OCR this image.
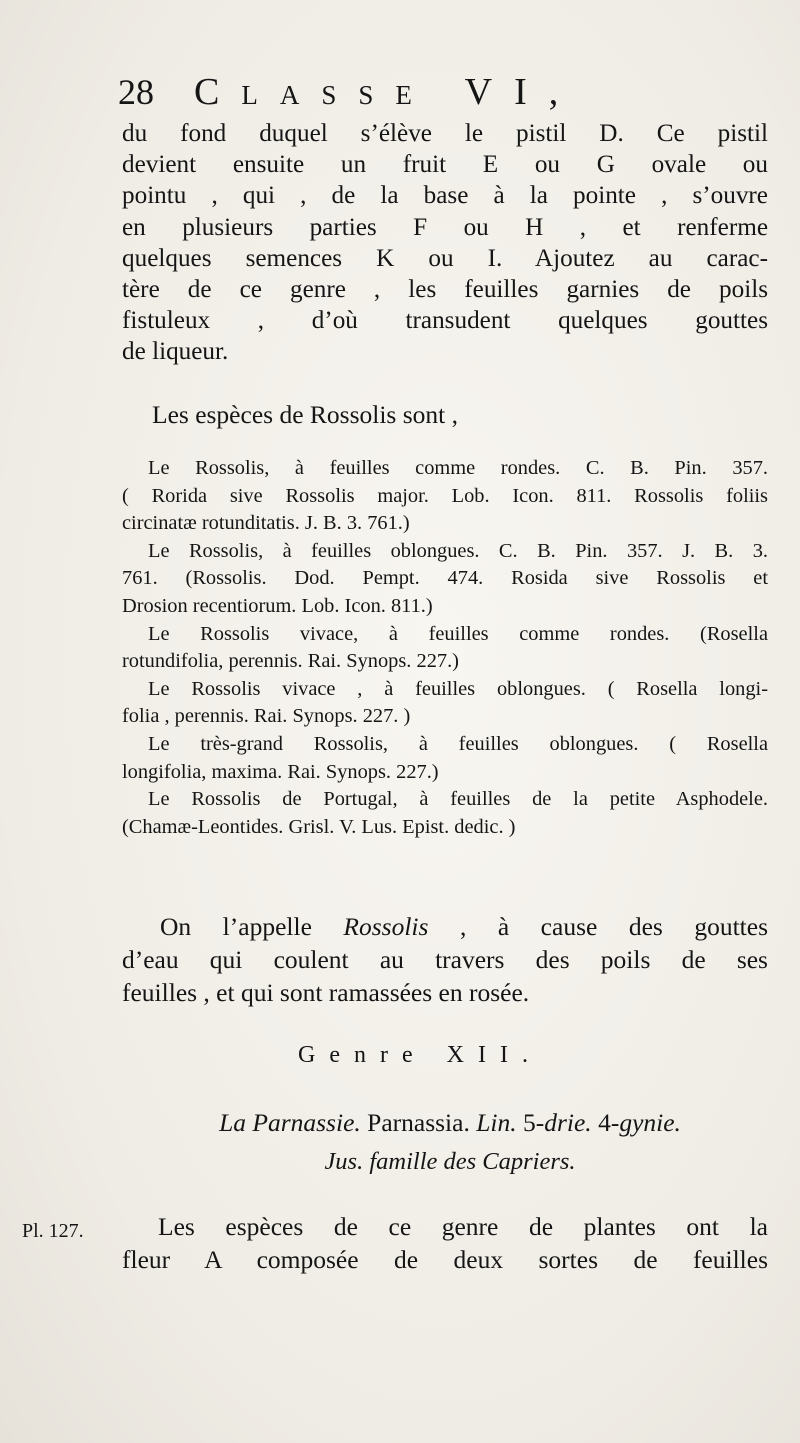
28 Classe VI,
du fond duquel s’élève le pistil D. Ce pistil
devient ensuite un fruit E ou G ovale ou
pointu , qui , de la base à la pointe , s’ouvre
en plusieurs parties F ou H , et renferme
quelques semences K ou I. Ajoutez au carac-
tère de ce genre , les feuilles garnies de poils
fistuleux , d’où transudent quelques gouttes
de liqueur.
Les espèces de Rossolis sont ,
Le Rossolis, à feuilles comme rondes. C. B. Pin. 357.
( Rorida sive Rossolis major. Lob. Icon. 811. Rossolis foliis
circinatæ rotunditatis. J. B. 3. 761.)
Le Rossolis, à feuilles oblongues. C. B. Pin. 357. J. B. 3.
761. (Rossolis. Dod. Pempt. 474. Rosida sive Rossolis et
Drosion recentiorum. Lob. Icon. 811.)
Le Rossolis vivace, à feuilles comme rondes. (Rosella
rotundifolia, perennis. Rai. Synops. 227.)
Le Rossolis vivace , à feuilles oblongues. ( Rosella longi-
folia , perennis. Rai. Synops. 227. )
Le très-grand Rossolis, à feuilles oblongues. ( Rosella
longifolia, maxima. Rai. Synops. 227.)
Le Rossolis de Portugal, à feuilles de la petite Asphodele.
(Chamæ-Leontides. Grisl. V. Lus. Epist. dedic. )
On l’appelle Rossolis , à cause des gouttes
d’eau qui coulent au travers des poils de ses
feuilles , et qui sont ramassées en rosée.
Genre XII.
La Parnassie. Parnassia. Lin. 5-drie. 4-gynie.
Jus. famille des Capriers.
Pl. 127.	Les espèces de ce genre de plantes ont la
fleur A composée de deux sortes de feuilles
